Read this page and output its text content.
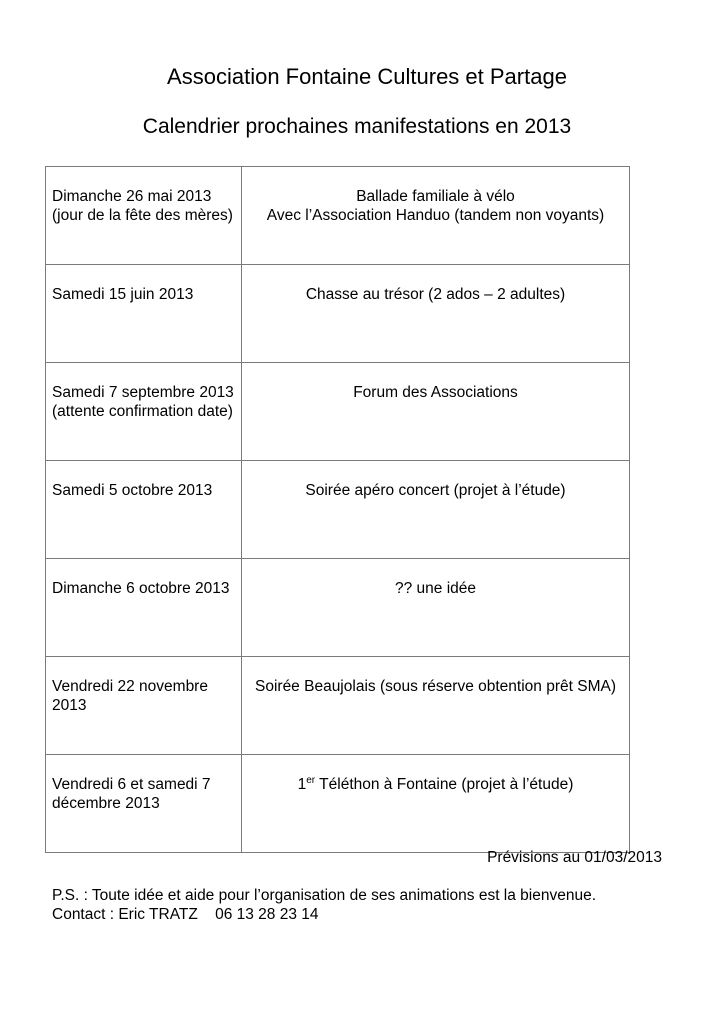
Association Fontaine Cultures et Partage
Calendrier prochaines manifestations en 2013
Dimanche 26 mai 2013 (jour de la fête des mères)	Ballade familiale à vélo
Avec l’Association Handuo (tandem non voyants)

Samedi 15 juin 2013	Chasse au trésor (2 ados – 2 adultes)
Samedi 7 septembre 2013 (attente confirmation date)	Forum des Associations
Samedi 5 octobre 2013	Soirée apéro concert (projet à l’étude)
Dimanche 6 octobre 2013	?? une idée
Vendredi 22 novembre 2013	Soirée Beaujolais (sous réserve obtention prêt SMA)
Vendredi 6 et samedi 7 décembre 2013	1er Téléthon à Fontaine (projet à l’étude)
Prévisions au 01/03/2013
P.S. : Toute idée et aide pour l’organisation de ses animations est la bienvenue.
Contact : Eric TRATZ    06 13 28 23 14
